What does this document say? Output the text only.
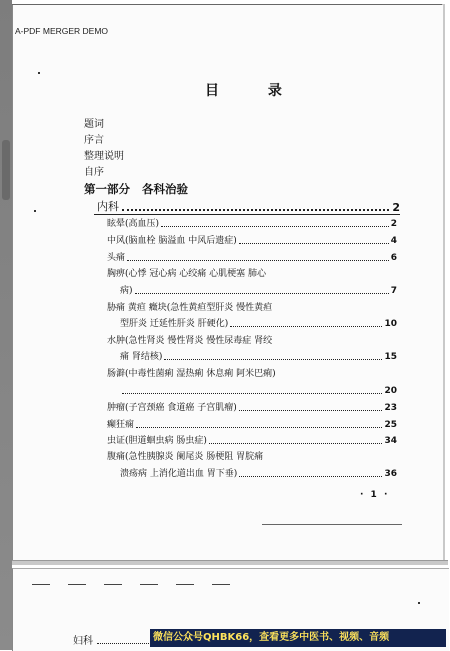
A-PDF MERGER DEMO
目 录
题词
序言
整理说明
自序
第一部分 各科治验
内科	2
眩晕(高血压)	2
中风(脑血栓 脑溢血 中风后遗症)	4
头痛	6
胸痹(心悸 冠心病 心绞痛 心肌梗塞 肺心
病)	7
胁痛 黄疸 癥块(急性黄疸型肝炎 慢性黄疸
型肝炎 迁延性肝炎 肝硬化)	10
水肿(急性肾炎 慢性肾炎 慢性尿毒症 肾绞
痛 肾结核)	15
肠澼(中毒性菌痢 湿热痢 休息痢 阿米巴痢)
20
肿瘤(子宫颈癌 食道癌 子宫肌瘤)	23
癫狂痫	25
虫证(胆道蛔虫病 肠虫症)	34
腹痛(急性胰腺炎 阑尾炎 肠梗阻 胃脘痛
溃疡病 上消化道出血 胃下垂)	36
· 1 ·
妇科	微信公众号QHBK66，查看更多中医书、视频、音频
